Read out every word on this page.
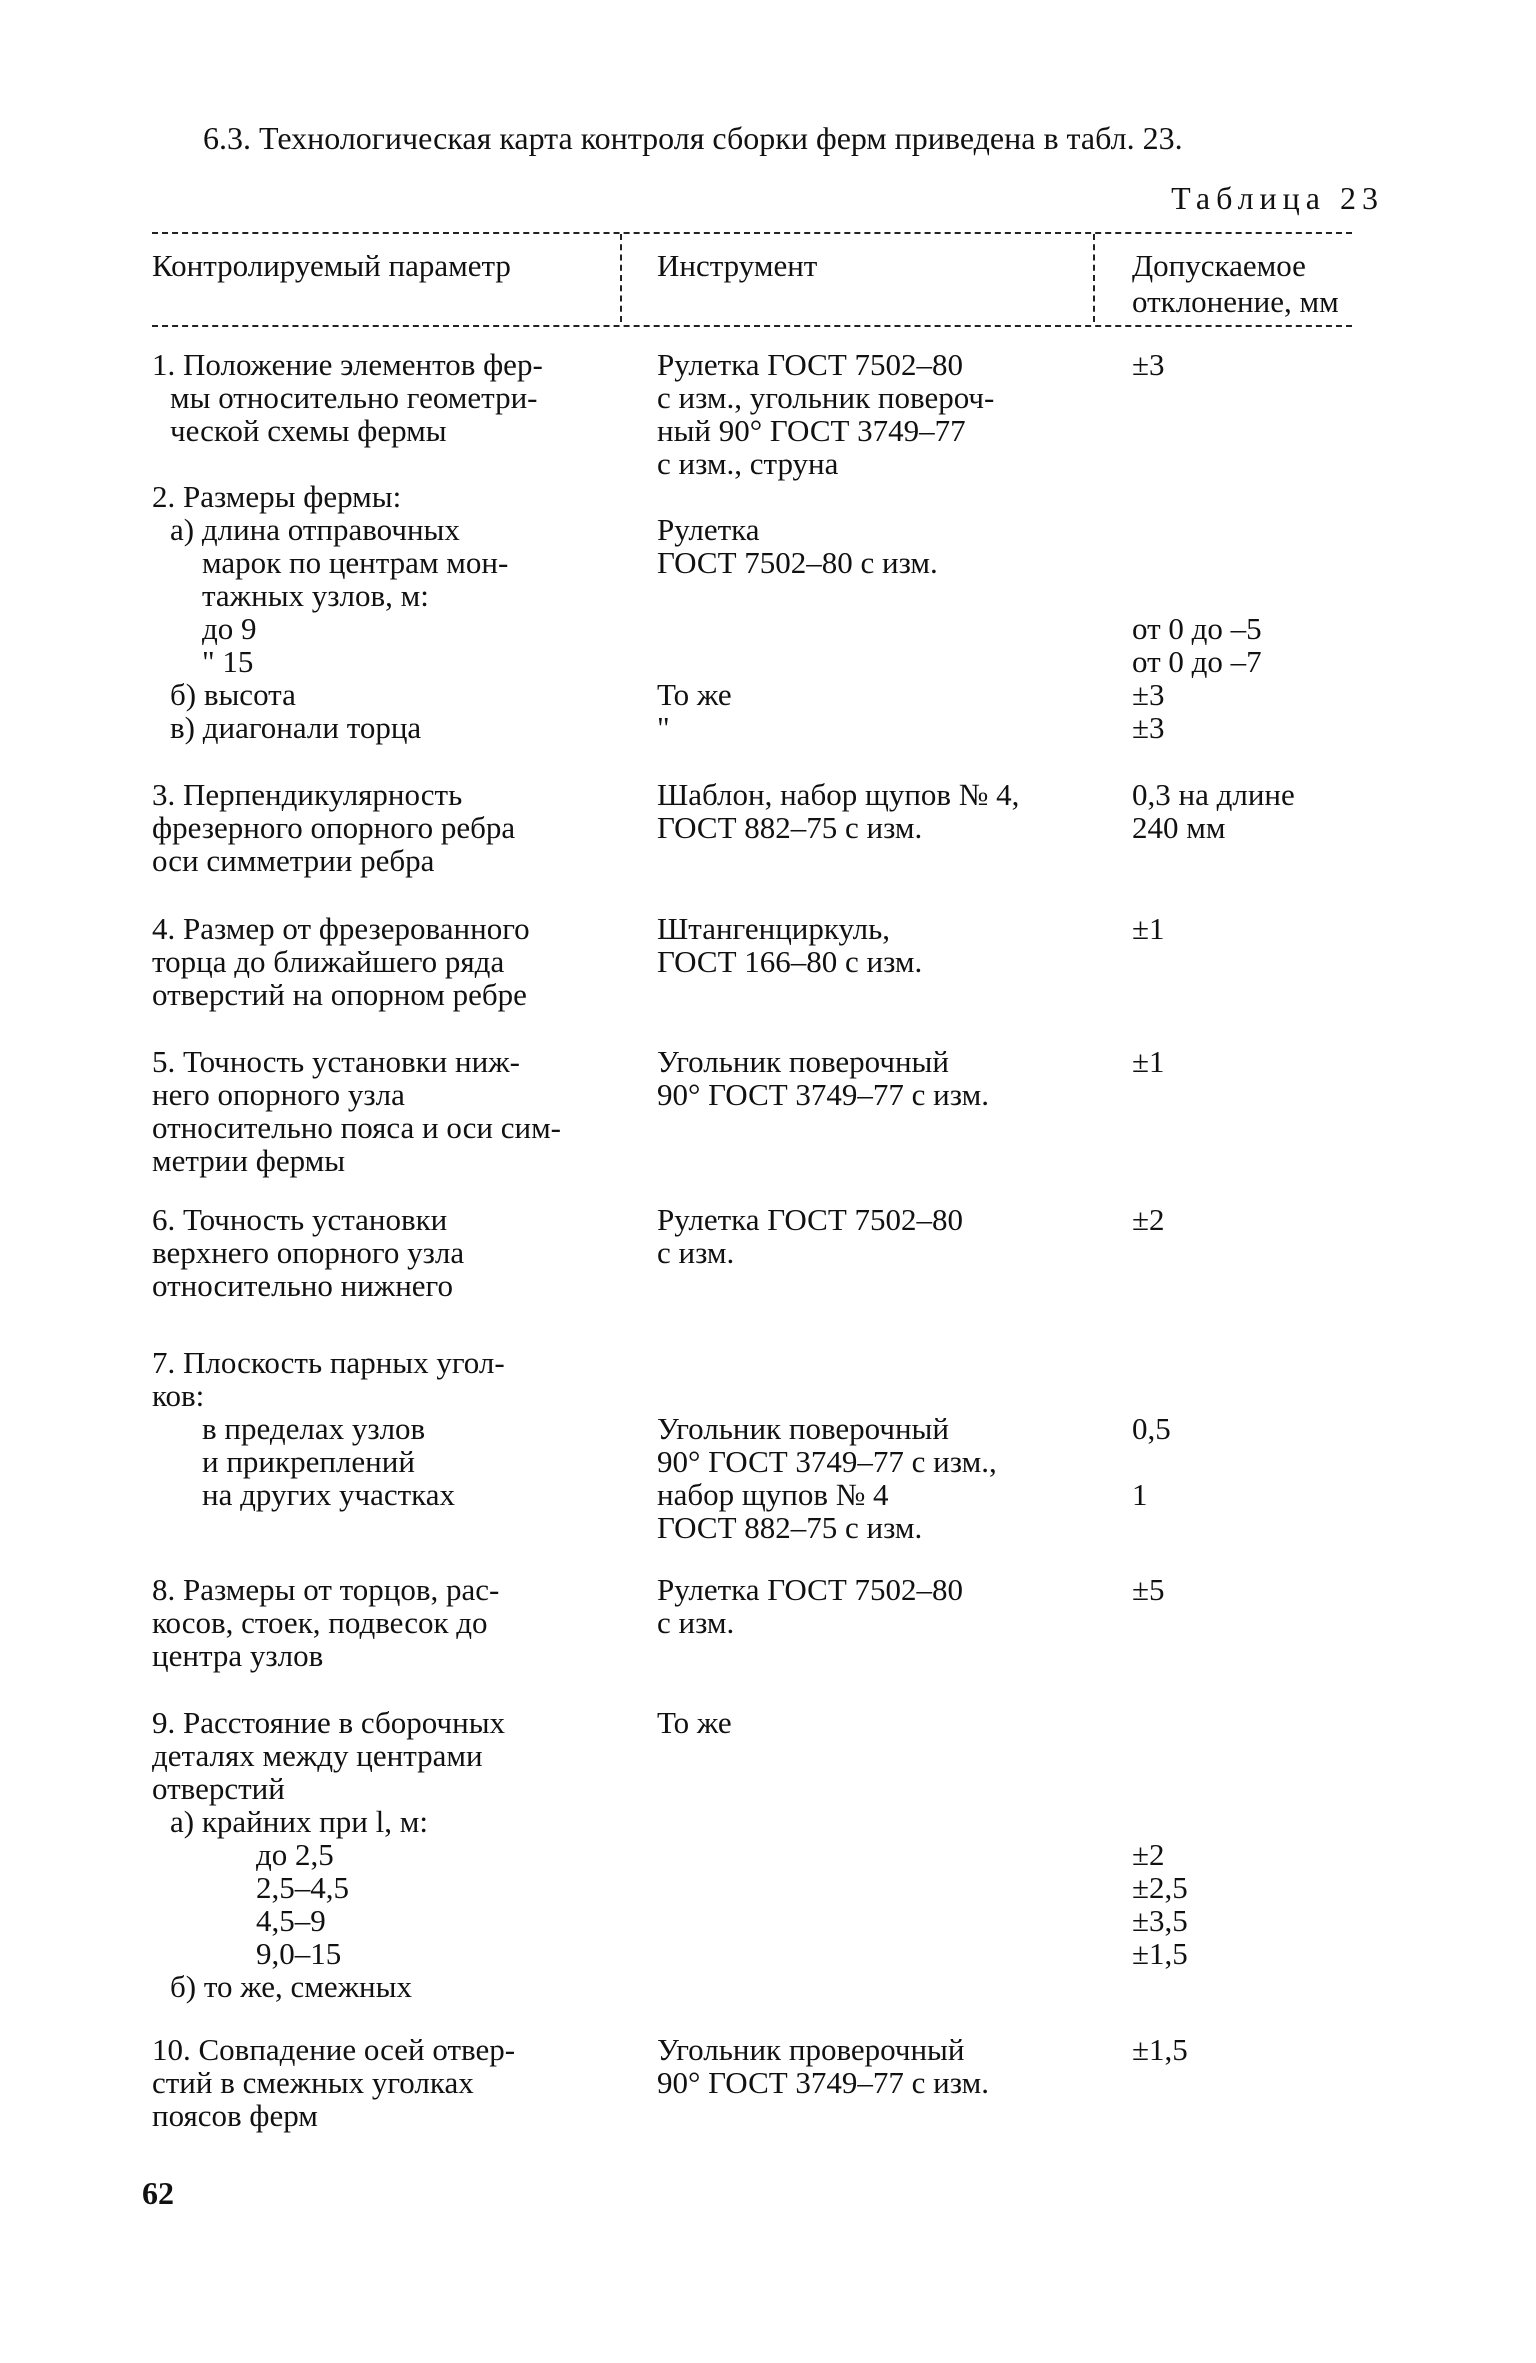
6.3. Технологическая карта контроля сборки ферм приведена в табл. 23.
Таблица 23
Контролируемый параметр	Инструмент	Допускаемое
отклонение, мм
1. Положение элементов фер-
мы относительно геометри-
ческой схемы фермы
Рулетка ГОСТ 7502–80
с изм., угольник повероч-
ный 90° ГОСТ 3749–77
с изм., струна
±3
2. Размеры фермы:
а) длина отправочных
марок по центрам мон-
тажных узлов, м:
до 9
" 15
б) высота
в) диагонали торца
Рулетка
ГОСТ 7502–80 с изм.
То же
"
от 0 до –5
от 0 до –7
±3
±3
3. Перпендикулярность
фрезерного опорного ребра
оси симметрии ребра
Шаблон, набор щупов № 4,
ГОСТ 882–75 с изм.
0,3 на длине
240 мм
4. Размер от фрезерованного
торца до ближайшего ряда
отверстий на опорном ребре
Штангенциркуль,
ГОСТ 166–80 с изм.
±1
5. Точность установки ниж-
него опорного узла
относительно пояса и оси сим-
метрии фермы
Угольник поверочный
90° ГОСТ 3749–77 с изм.
±1
6. Точность установки
верхнего опорного узла
относительно нижнего
Рулетка ГОСТ 7502–80
с изм.
±2
7. Плоскость парных угол-
ков:
в пределах узлов
и прикреплений
на других участках
Угольник поверочный
90° ГОСТ 3749–77 с изм.,
набор щупов № 4
ГОСТ 882–75 с изм.
0,5
1
8. Размеры от торцов, рас-
косов, стоек, подвесок до
центра узлов
Рулетка ГОСТ 7502–80
с изм.
±5
9. Расстояние в сборочных
деталях между центрами
отверстий
а) крайних при l, м:
до 2,5
2,5–4,5
4,5–9
9,0–15
б) то же, смежных
То же
±2
±2,5
±3,5
±1,5
10. Совпадение осей отвер-
стий в смежных уголках
поясов ферм
Угольник проверочный
90° ГОСТ 3749–77 с изм.
±1,5
62
